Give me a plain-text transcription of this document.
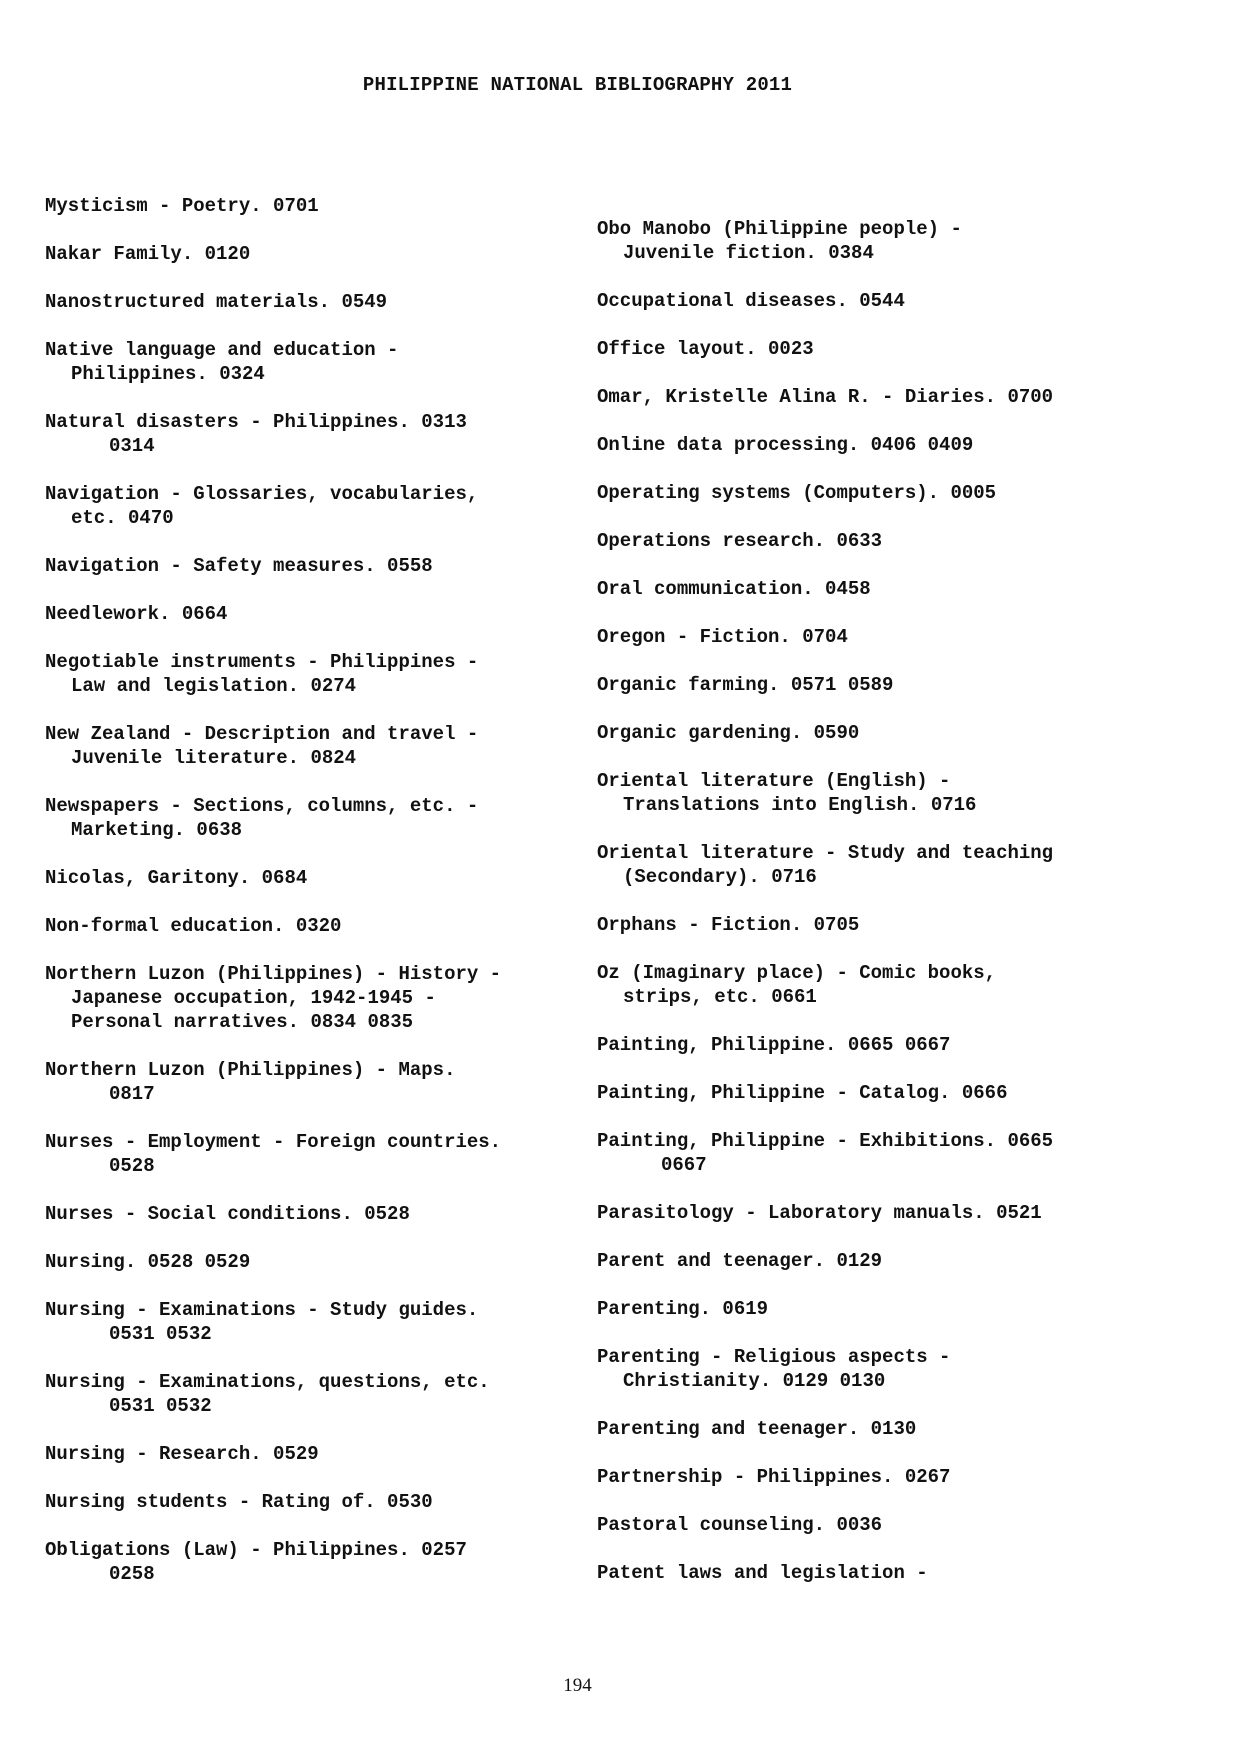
PHILIPPINE NATIONAL BIBLIOGRAPHY 2011
Mysticism - Poetry. 0701
Nakar Family. 0120
Nanostructured materials. 0549
Native language and education -
Philippines. 0324
Natural disasters - Philippines. 0313
0314
Navigation - Glossaries, vocabularies,
etc. 0470
Navigation - Safety measures. 0558
Needlework. 0664
Negotiable instruments - Philippines -
Law and legislation. 0274
New Zealand - Description and travel -
Juvenile literature. 0824
Newspapers - Sections, columns, etc. -
Marketing. 0638
Nicolas, Garitony. 0684
Non-formal education. 0320
Northern Luzon (Philippines) - History -
Japanese occupation, 1942-1945 -
Personal narratives. 0834 0835
Northern Luzon (Philippines) - Maps.
0817
Nurses - Employment - Foreign countries.
0528
Nurses - Social conditions. 0528
Nursing. 0528 0529
Nursing - Examinations - Study guides.
0531 0532
Nursing - Examinations, questions, etc.
0531 0532
Nursing - Research. 0529
Nursing students - Rating of. 0530
Obligations (Law) - Philippines. 0257
0258
Obo Manobo (Philippine people) -
Juvenile fiction. 0384
Occupational diseases. 0544
Office layout. 0023
Omar, Kristelle Alina R. - Diaries. 0700
Online data processing. 0406 0409
Operating systems (Computers). 0005
Operations research. 0633
Oral communication. 0458
Oregon - Fiction. 0704
Organic farming. 0571 0589
Organic gardening. 0590
Oriental literature (English) -
Translations into English. 0716
Oriental literature - Study and teaching
(Secondary). 0716
Orphans - Fiction. 0705
Oz (Imaginary place) - Comic books,
strips, etc. 0661
Painting, Philippine. 0665 0667
Painting, Philippine - Catalog. 0666
Painting, Philippine - Exhibitions. 0665
0667
Parasitology - Laboratory manuals. 0521
Parent and teenager. 0129
Parenting. 0619
Parenting - Religious aspects -
Christianity. 0129 0130
Parenting and teenager. 0130
Partnership - Philippines. 0267
Pastoral counseling. 0036
Patent laws and legislation -
194
